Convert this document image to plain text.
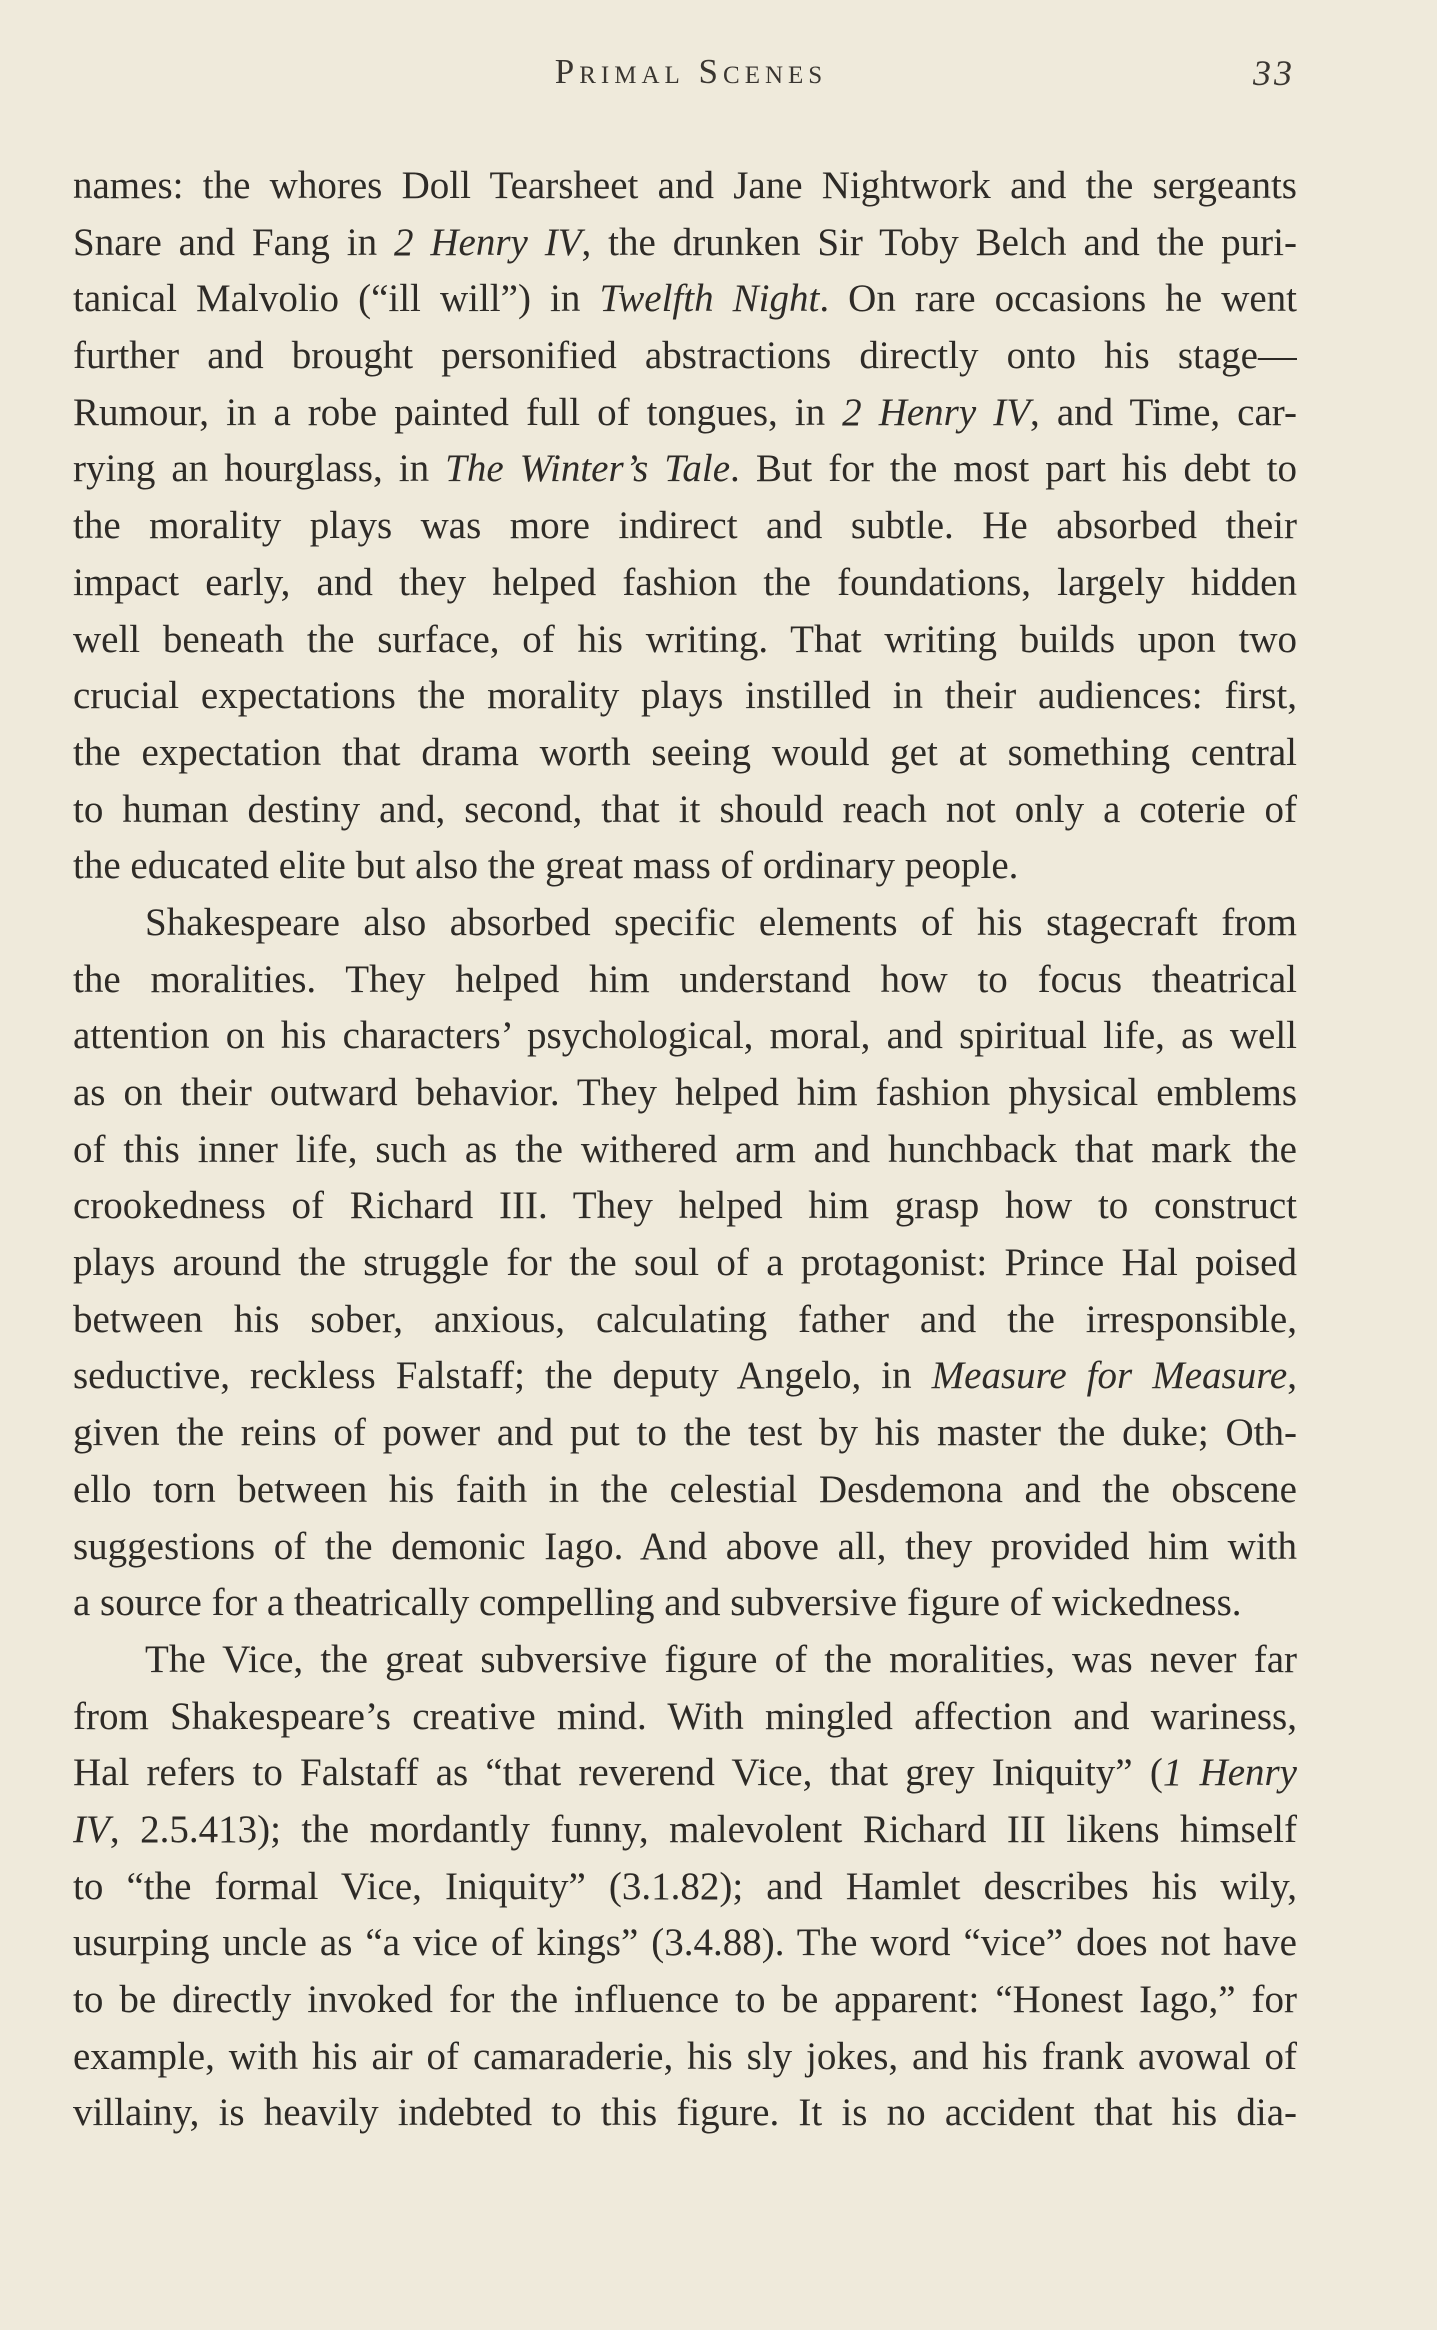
Primal Scenes	33
names: the whores Doll Tearsheet and Jane Nightwork and the sergeants
Snare and Fang in 2 Henry IV, the drunken Sir Toby Belch and the puri-
tanical Malvolio (“ill will”) in Twelfth Night. On rare occasions he went
further and brought personified abstractions directly onto his stage—
Rumour, in a robe painted full of tongues, in 2 Henry IV, and Time, car-
rying an hourglass, in The Winter’s Tale. But for the most part his debt to
the morality plays was more indirect and subtle. He absorbed their
impact early, and they helped fashion the foundations, largely hidden
well beneath the surface, of his writing. That writing builds upon two
crucial expectations the morality plays instilled in their audiences: first,
the expectation that drama worth seeing would get at something central
to human destiny and, second, that it should reach not only a coterie of
the educated elite but also the great mass of ordinary people.
Shakespeare also absorbed specific elements of his stagecraft from
the moralities. They helped him understand how to focus theatrical
attention on his characters’ psychological, moral, and spiritual life, as well
as on their outward behavior. They helped him fashion physical emblems
of this inner life, such as the withered arm and hunchback that mark the
crookedness of Richard III. They helped him grasp how to construct
plays around the struggle for the soul of a protagonist: Prince Hal poised
between his sober, anxious, calculating father and the irresponsible,
seductive, reckless Falstaff; the deputy Angelo, in Measure for Measure,
given the reins of power and put to the test by his master the duke; Oth-
ello torn between his faith in the celestial Desdemona and the obscene
suggestions of the demonic Iago. And above all, they provided him with
a source for a theatrically compelling and subversive figure of wickedness.
The Vice, the great subversive figure of the moralities, was never far
from Shakespeare’s creative mind. With mingled affection and wariness,
Hal refers to Falstaff as “that reverend Vice, that grey Iniquity” (1 Henry
IV, 2.5.413); the mordantly funny, malevolent Richard III likens himself
to “the formal Vice, Iniquity” (3.1.82); and Hamlet describes his wily,
usurping uncle as “a vice of kings” (3.4.88). The word “vice” does not have
to be directly invoked for the influence to be apparent: “Honest Iago,” for
example, with his air of camaraderie, his sly jokes, and his frank avowal of
villainy, is heavily indebted to this figure. It is no accident that his dia-
